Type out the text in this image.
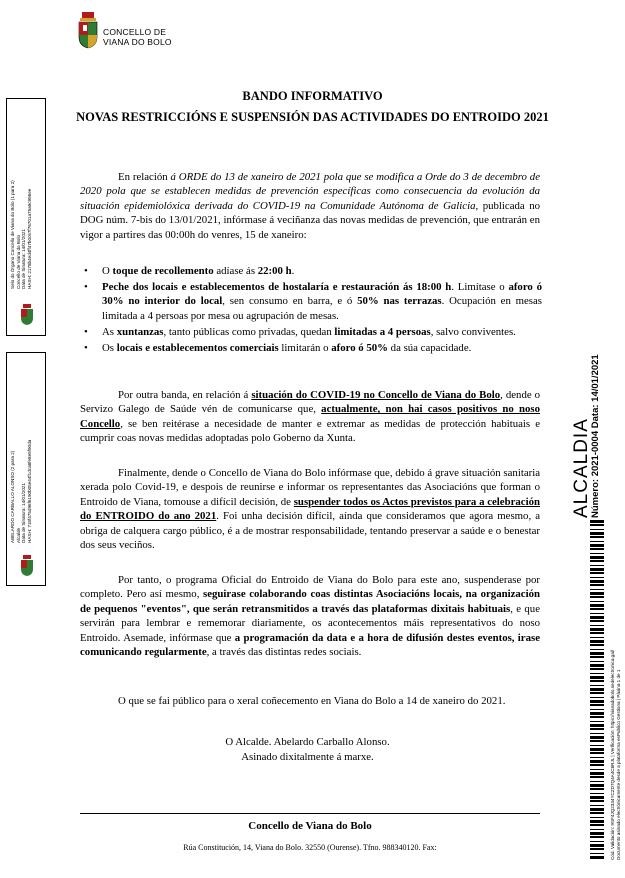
CONCELLO DE
VIANA DO BOLO
BANDO INFORMATIVO
NOVAS RESTRICCIÓNS E SUSPENSIÓN DAS ACTIVIDADES DO ENTROIDO 2021
En relación á ORDE do 13 de xaneiro de 2021 pola que se modifica a Orde do 3 de decembro de 2020 pola que se establecen medidas de prevención específicas como consecuencia da evolución da situación epidemiolóxica derivada do COVID-19 na Comunidade Autónoma de Galicia, publicada no DOG núm. 7-bis do 13/01/2021, infórmase á veciñanza das novas medidas de prevención, que entrarán en vigor a partires das 00:00h do venres, 15 de xaneiro:
• O toque de recollemento adíase ás 22:00 h.
• Peche dos locais e establecementos de hostalaría e restauración ás 18:00 h. Limítase o aforo ó 30% no interior do local, sen consumo en barra, e ó 50% nas terrazas. Ocupación en mesas limitada a 4 persoas por mesa ou agrupación de mesas.
• As xuntanzas, tanto públicas como privadas, quedan limitadas a 4 persoas, salvo conviventes.
• Os locais e establecementos comerciais limitarán o aforo ó 50% da súa capacidade.
Por outra banda, en relación á situación do COVID-19 no Concello de Viana do Bolo, dende o Servizo Galego de Saúde vén de comunicarse que, actualmente, non hai casos positivos no noso Concello, se ben reitérase a necesidade de manter e extremar as medidas de protección habituais e cumprir coas novas medidas adoptadas polo Goberno da Xunta.
Finalmente, dende o Concello de Viana do Bolo infórmase que, debido á grave situación sanitaria xerada polo Covid-19, e despois de reunirse e informar os representantes das Asociacións que forman o Entroido de Viana, tomouse a difícil decisión, de suspender todos os Actos previstos para a celebración do ENTROIDO do ano 2021. Foi unha decisión difícil, aínda que consideramos que agora mesmo, a obriga de calquera cargo público, é a de mostrar responsabilidade, tentando preservar a saúde e o benestar dos seus veciños.
Por tanto, o programa Oficial do Entroido de Viana do Bolo para este ano, suspenderase por completo. Pero así mesmo, seguirase colaborando coas distintas Asociacións locais, na organización de pequenos "eventos", que serán retransmitidos a través das plataformas dixitais habituais, e que servirán para lembrar e rememorar diariamente, os acontecementos máis representativos do noso Entroido. Asemade, infórmase que a programación da data e a hora de difusión destes eventos, irase comunicando regularmente, a través das distintas redes sociais.
O que se fai público para o xeral coñecemento en Viana do Bolo a 14 de xaneiro do 2021.
O Alcalde. Abelardo Carballo Alonso.
Asinado dixitalmente á marxe.
Concello de Viana do Bolo
Rúa Constitución, 14, Viana do Bolo. 32550 (Ourense). Tfno. 988340120. Fax:
Selo do Órgano Concello de Viana do Bolo (1 para 2) Concello de Viana do Bolo Data de Sinatura: 14/01/2021 HASH: 2178b4ed4ff47b0c67f76701a75a9c956ee
ABELARDO CARBALLO ALONSO (2 para 2) Alcalde Data de Sinatura: 14/01/2021 HASH: 718f475d96f6190b05e44f1dca8fe8e5f90da	ALCALDIA
Número: 2021-0004 Data: 14/01/2021
Cód. Validación: 9SF4JQ2334YCZD7Q4A4C6RJL | Verificación: https://vianadobolo.sedelectronica.gal/ Documento asinado electrónicamente desde a plataforma esPublico Gestiona | Páxina 1 de 1
